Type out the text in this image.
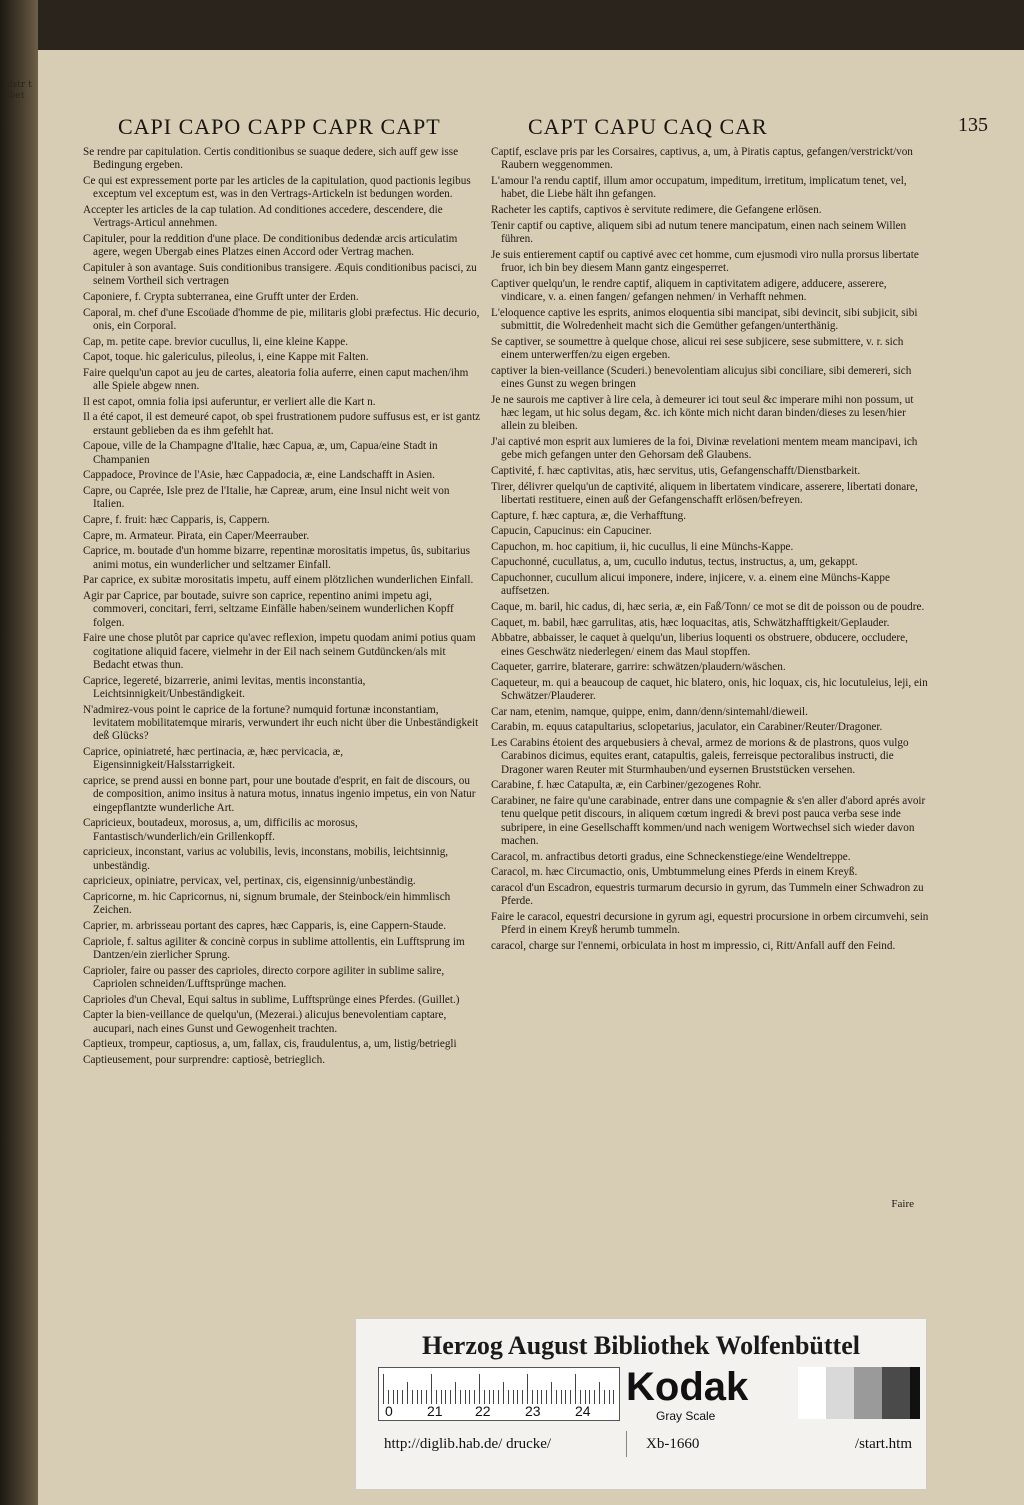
ulstr tdbet
CAPI CAPO CAPP CAPR CAPT	CAPT CAPU CAQ CAR	135
Se rendre par capitulation. Certis conditionibus se suaque dedere, sich auff gew isse Bedingung ergeben.
Ce qui est expressement porte par les articles de la capitulation, quod pactionis legibus exceptum vel exceptum est, was in den Vertrags-Artickeln ist bedungen worden.
Accepter les articles de la cap tulation. Ad conditiones accedere, descendere, die Vertrags-Articul annehmen.
Capituler, pour la reddition d'une place. De conditionibus dedendæ arcis articulatim agere, wegen Ubergab eines Platzes einen Accord oder Vertrag machen.
Capituler à son avantage. Suis conditionibus transigere. Æquis conditionibus pacisci, zu seinem Vortheil sich vertragen
Caponiere, f. Crypta subterranea, eine Grufft unter der Erden.
Caporal, m. chef d'une Escoüade d'homme de pie, militaris globi præfectus. Hic decurio, onis, ein Corporal.
Cap, m. petite cape. brevior cucullus, li, eine kleine Kappe.
Capot, toque. hic galericulus, pileolus, i, eine Kappe mit Falten.
Faire quelqu'un capot au jeu de cartes, aleatoria folia auferre, einen caput machen/ihm alle Spiele abgew nnen.
Il est capot, omnia folia ipsi auferuntur, er verliert alle die Kart n.
Il a été capot, il est demeuré capot, ob spei frustrationem pudore suffusus est, er ist gantz erstaunt geblieben da es ihm gefehlt hat.
Capoue, ville de la Champagne d'Italie, hæc Capua, æ, um, Capua/eine Stadt in Champanien
Cappadoce, Province de l'Asie, hæc Cappadocia, æ, eine Landschafft in Asien.
Capre, ou Caprée, Isle prez de l'Italie, hæ Capreæ, arum, eine Insul nicht weit von Italien.
Capre, f. fruit: hæc Capparis, is, Cappern.
Capre, m. Armateur. Pirata, ein Caper/Meerrauber.
Caprice, m. boutade d'un homme bizarre, repentinæ morositatis impetus, ûs, subitarius animi motus, ein wunderlicher und seltzamer Einfall.
Par caprice, ex subitæ morositatis impetu, auff einem plötzlichen wunderlichen Einfall.
Agir par Caprice, par boutade, suivre son caprice, repentino animi impetu agi, commoveri, concitari, ferri, seltzame Einfälle haben/seinem wunderlichen Kopff folgen.
Faire une chose plutôt par caprice qu'avec reflexion, impetu quodam animi potius quam cogitatione aliquid facere, vielmehr in der Eil nach seinem Gutdüncken/als mit Bedacht etwas thun.
Caprice, legereté, bizarrerie, animi levitas, mentis inconstantia, Leichtsinnigkeit/Unbeständigkeit.
N'admirez-vous point le caprice de la fortune? numquid fortunæ inconstantiam, levitatem mobilitatemque miraris, verwundert ihr euch nicht über die Unbeständigkeit deß Glücks?
Caprice, opiniatreté, hæc pertinacia, æ, hæc pervicacia, æ, Eigensinnigkeit/Halsstarrigkeit.
caprice, se prend aussi en bonne part, pour une boutade d'esprit, en fait de discours, ou de composition, animo insitus à natura motus, innatus ingenio impetus, ein von Natur eingepflantzte wunderliche Art.
Capricieux, boutadeux, morosus, a, um, difficilis ac morosus, Fantastisch/wunderlich/ein Grillenkopff.
capricieux, inconstant, varius ac volubilis, levis, inconstans, mobilis, leichtsinnig, unbeständig.
capricieux, opiniatre, pervicax, vel, pertinax, cis, eigensinnig/unbeständig.
Capricorne, m. hic Capricornus, ni, signum brumale, der Steinbock/ein himmlisch Zeichen.
Caprier, m. arbrisseau portant des capres, hæc Capparis, is, eine Cappern-Staude.
Capriole, f. saltus agiliter & concinè corpus in sublime attollentis, ein Lufftsprung im Dantzen/ein zierlicher Sprung.
Caprioler, faire ou passer des caprioles, directo corpore agiliter in sublime salire, Capriolen schneiden/Lufftsprünge machen.
Caprioles d'un Cheval, Equi saltus in sublime, Lufftsprünge eines Pferdes. (Guillet.)
Capter la bien-veillance de quelqu'un, (Mezerai.) alicujus benevolentiam captare, aucupari, nach eines Gunst und Gewogenheit trachten.
Captieux, trompeur, captiosus, a, um, fallax, cis, fraudulentus, a, um, listig/betriegli
Captieusement, pour surprendre: captiosè, betrieglich.
Captif, esclave pris par les Corsaires, captivus, a, um, à Piratis captus, gefangen/verstrickt/von Raubern weggenommen.
L'amour l'a rendu captif, illum amor occupatum, impeditum, irretitum, implicatum tenet, vel, habet, die Liebe hält ihn gefangen.
Racheter les captifs, captivos è servitute redimere, die Gefangene erlösen.
Tenir captif ou captive, aliquem sibi ad nutum tenere mancipatum, einen nach seinem Willen führen.
Je suis entierement captif ou captivé avec cet homme, cum ejusmodi viro nulla prorsus libertate fruor, ich bin bey diesem Mann gantz eingesperret.
Captiver quelqu'un, le rendre captif, aliquem in captivitatem adigere, adducere, asserere, vindicare, v. a. einen fangen/ gefangen nehmen/ in Verhafft nehmen.
L'eloquence captive les esprits, animos eloquentia sibi mancipat, sibi devincit, sibi subjicit, sibi submittit, die Wolredenheit macht sich die Gemüther gefangen/unterthänig.
Se captiver, se soumettre à quelque chose, alicui rei sese subjicere, sese submittere, v. r. sich einem unterwerffen/zu eigen ergeben.
captiver la bien-veillance (Scuderi.) benevolentiam alicujus sibi conciliare, sibi demereri, sich eines Gunst zu wegen bringen
Je ne saurois me captiver à lire cela, à demeurer ici tout seul &c imperare mihi non possum, ut hæc legam, ut hic solus degam, &c. ich könte mich nicht daran binden/dieses zu lesen/hier allein zu bleiben.
J'ai captivé mon esprit aux lumieres de la foi, Divinæ revelationi mentem meam mancipavi, ich gebe mich gefangen unter den Gehorsam deß Glaubens.
Captivité, f. hæc captivitas, atis, hæc servitus, utis, Gefangenschafft/Dienstbarkeit.
Tirer, délivrer quelqu'un de captivité, aliquem in libertatem vindicare, asserere, libertati donare, libertati restituere, einen auß der Gefangenschafft erlösen/befreyen.
Capture, f. hæc captura, æ, die Verhafftung.
Capucin, Capucinus: ein Capuciner.
Capuchon, m. hoc capitium, ii, hic cucullus, li eine Münchs-Kappe.
Capuchonné, cucullatus, a, um, cucullo indutus, tectus, instructus, a, um, gekappt.
Capuchonner, cucullum alicui imponere, indere, injicere, v. a. einem eine Münchs-Kappe auffsetzen.
Caque, m. baril, hic cadus, di, hæc seria, æ, ein Faß/Tonn/ ce mot se dit de poisson ou de poudre.
Caquet, m. babil, hæc garrulitas, atis, hæc loquacitas, atis, Schwätzhafftigkeit/Geplauder.
Abbatre, abbaisser, le caquet à quelqu'un, liberius loquenti os obstruere, obducere, occludere, eines Geschwätz niederlegen/ einem das Maul stopffen.
Caqueter, garrire, blaterare, garrire: schwätzen/plaudern/wäschen.
Caqueteur, m. qui a beaucoup de caquet, hic blatero, onis, hic loquax, cis, hic locutuleius, leji, ein Schwätzer/Plauderer.
Car nam, etenim, namque, quippe, enim, dann/denn/sintemahl/dieweil.
Carabin, m. equus catapultarius, sclopetarius, jaculator, ein Carabiner/Reuter/Dragoner.
Les Carabins étoient des arquebusiers à cheval, armez de morions & de plastrons, quos vulgo Carabinos dicimus, equites erant, catapultis, galeis, ferreisque pectoralibus instructi, die Dragoner waren Reuter mit Sturmhauben/und eysernen Bruststücken versehen.
Carabine, f. hæc Catapulta, æ, ein Carbiner/gezogenes Rohr.
Carabiner, ne faire qu'une carabinade, entrer dans une compagnie & s'en aller d'abord aprés avoir tenu quelque petit discours, in aliquem cœtum ingredi & brevi post pauca verba sese inde subripere, in eine Gesellschafft kommen/und nach wenigem Wortwechsel sich wieder davon machen.
Caracol, m. anfractibus detorti gradus, eine Schneckenstiege/eine Wendeltreppe.
Caracol, m. hæc Circumactio, onis, Umbtummelung eines Pferds in einem Kreyß.
caracol d'un Escadron, equestris turmarum decursio in gyrum, das Tummeln einer Schwadron zu Pferde.
Faire le caracol, equestri decursione in gyrum agi, equestri procursione in orbem circumvehi, sein Pferd in einem Kreyß herumb tummeln.
caracol, charge sur l'ennemi, orbiculata in host m impressio, ci, Ritt/Anfall auff den Feind.
Faire
Herzog August Bibliothek Wolfenbüttel
0 21 22 23 24
Kodak
Gray Scale
http://diglib.hab.de/ drucke/	Xb-1660	/start.htm
